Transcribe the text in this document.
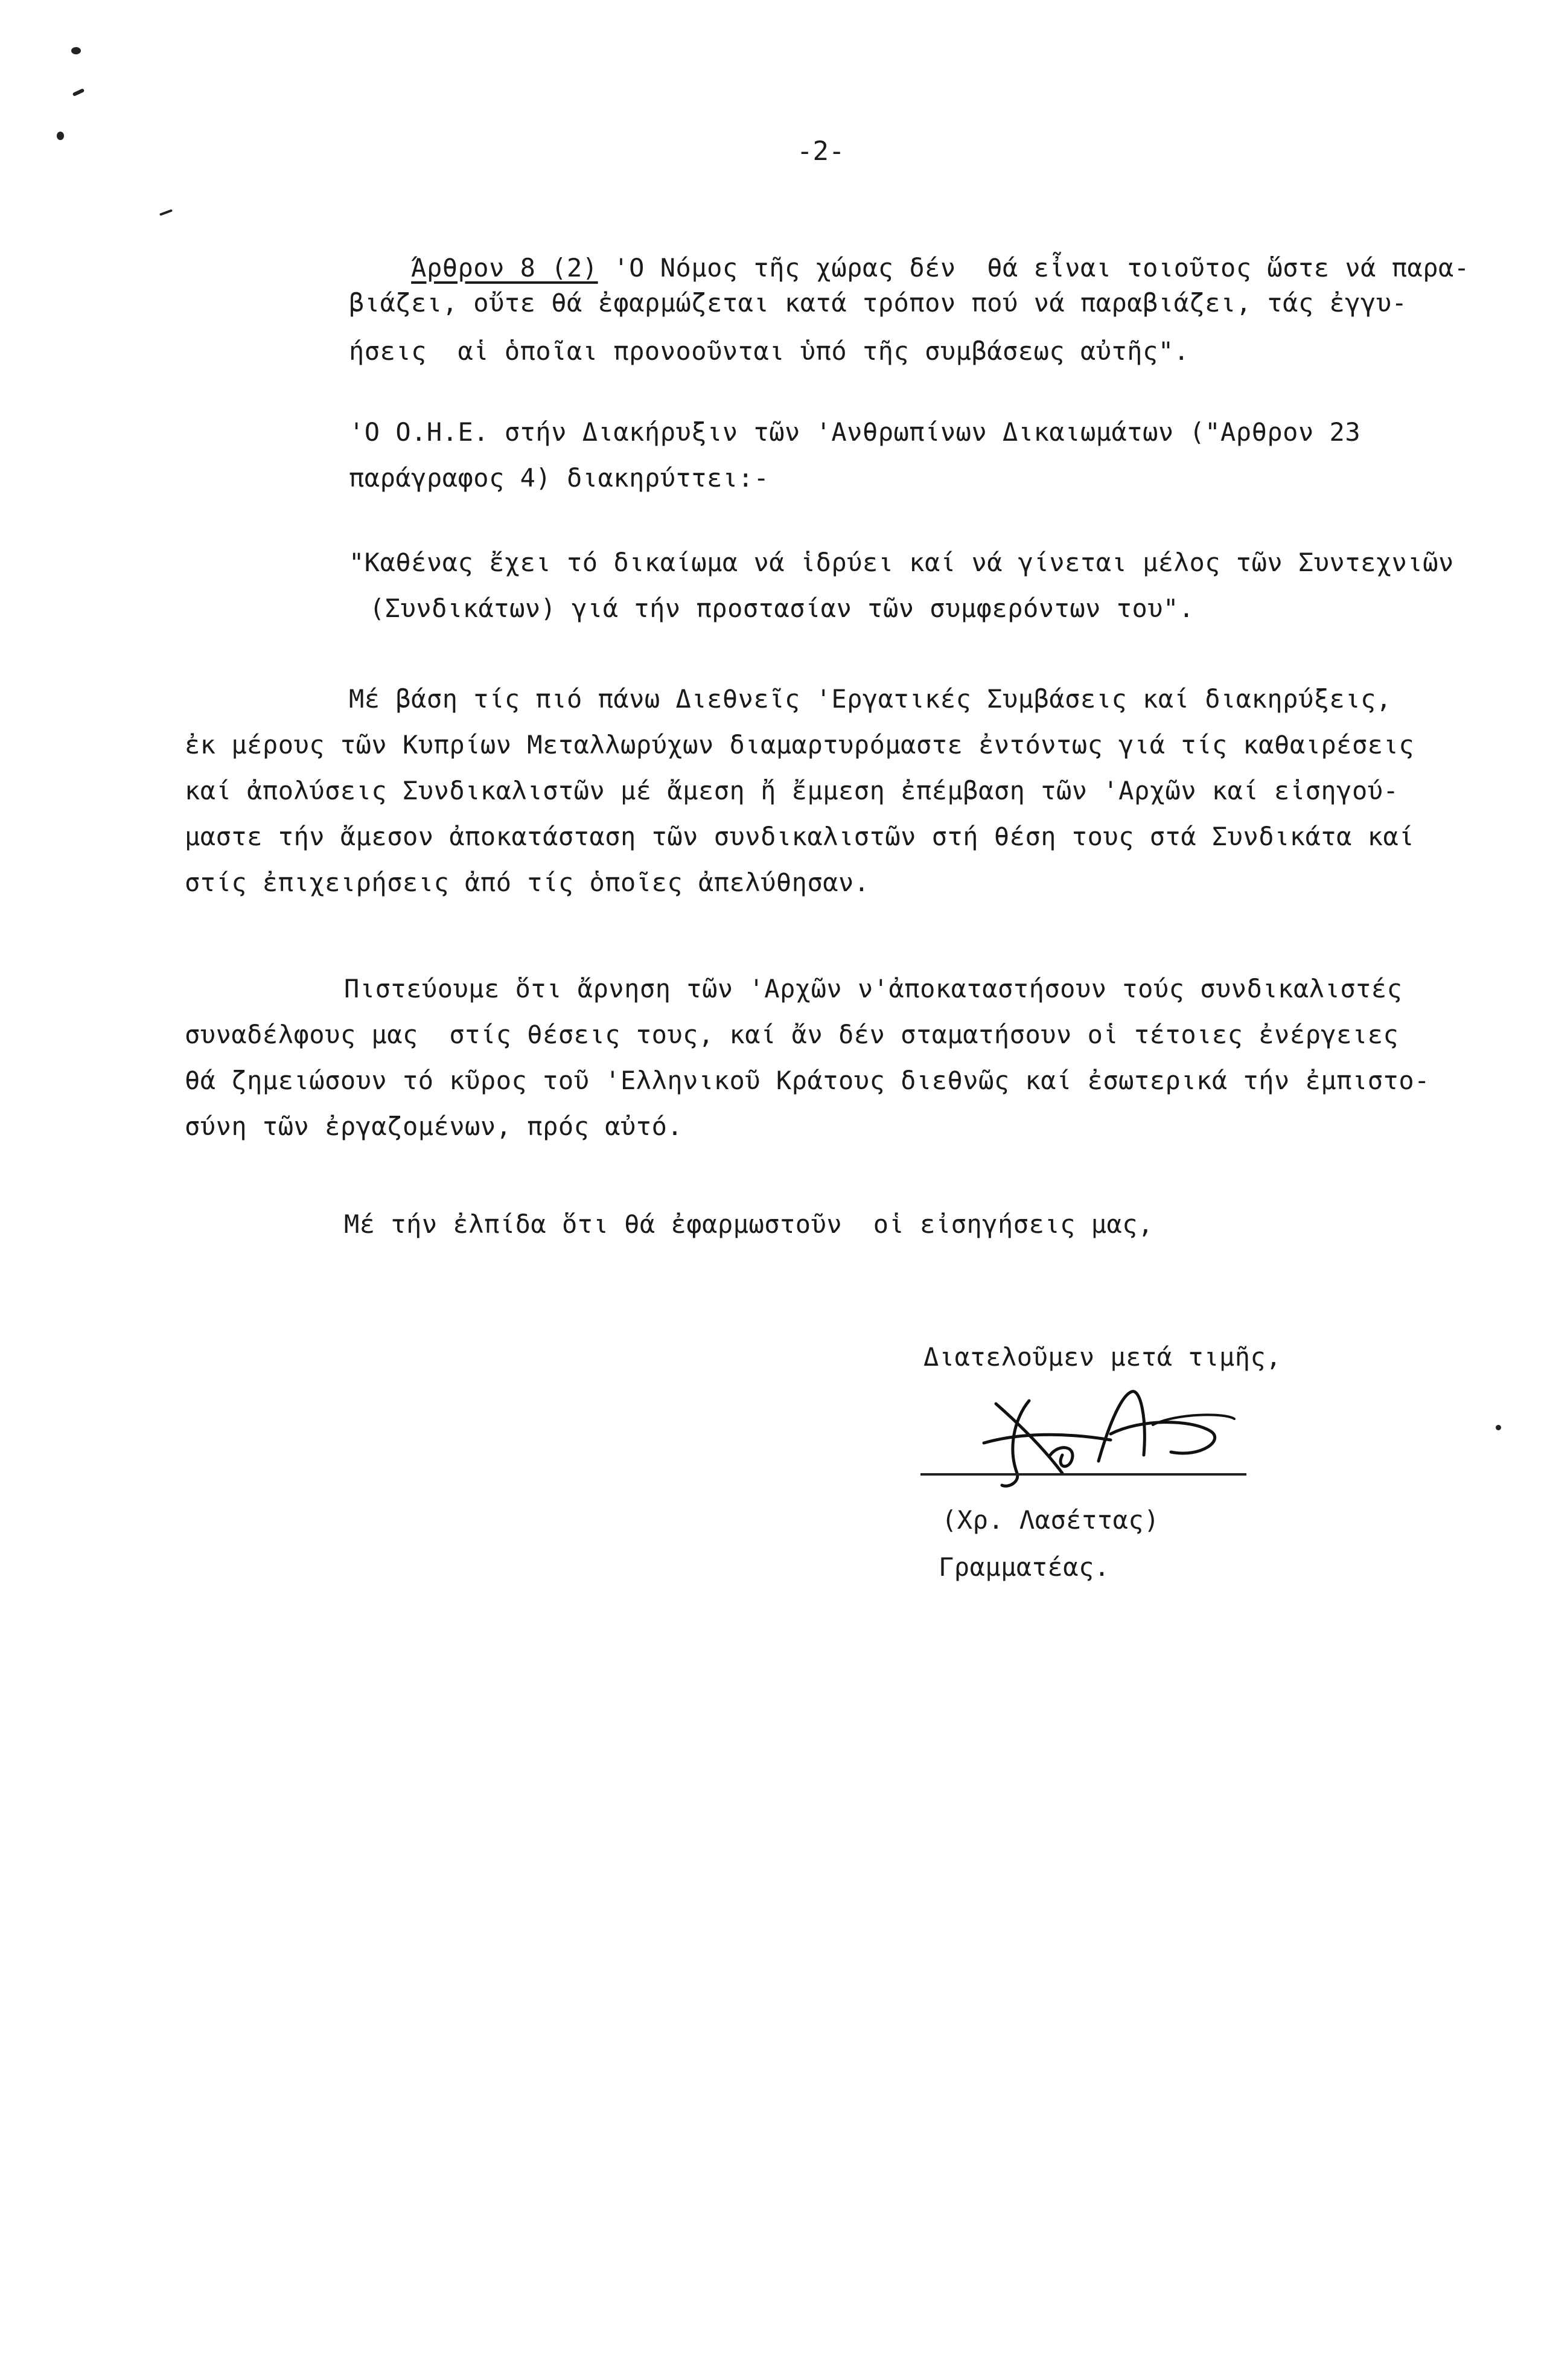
-2-

Άρθρον 8 (2) 'Ο Νόμος τῆς χώρας δέν  θά εἶναι τοιοῦτος ὥστε νά παρα-

βιάζει, οὔτε θά ἐφαρμώζεται κατά τρόπον πού νά παραβιάζει, τάς ἐγγυ-
ήσεις  αἱ ὁποῖαι προνοοῦνται ὑπό τῆς συμβάσεως αὐτῆς".
'Ο Ο.Η.Ε. στήν Διακήρυξιν τῶν 'Ανθρωπίνων Δικαιωμάτων ("Αρθρον 23
παράγραφος 4) διακηρύττει:-
"Καθένας ἔχει τό δικαίωμα νά ἱδρύει καί νά γίνεται μέλος τῶν Συντεχνιῶν
(Συνδικάτων) γιά τήν προστασίαν τῶν συμφερόντων του".
Μέ βάση τίς πιό πάνω Διεθνεῖς 'Εργατικές Συμβάσεις καί διακηρύξεις,
ἐκ μέρους τῶν Κυπρίων Μεταλλωρύχων διαμαρτυρόμαστε ἐντόντως γιά τίς καθαιρέσεις
καί ἀπολύσεις Συνδικαλιστῶν μέ ἄμεση ἤ ἔμμεση ἐπέμβαση τῶν 'Αρχῶν καί εἰσηγού-
μαστε τήν ἄμεσον ἀποκατάσταση τῶν συνδικαλιστῶν στή θέση τους στά Συνδικάτα καί
στίς ἐπιχειρήσεις ἀπό τίς ὁποῖες ἀπελύθησαν.
Πιστεύουμε ὅτι ἄρνηση τῶν 'Αρχῶν ν'ἀποκαταστήσουν τούς συνδικαλιστές
συναδέλφους μας  στίς θέσεις τους, καί ἄν δέν σταματήσουν οἱ τέτοιες ἐνέργειες
θά ζημειώσουν τό κῦρος τοῦ 'Ελληνικοῦ Κράτους διεθνῶς καί ἐσωτερικά τήν ἐμπιστο-
σύνη τῶν ἐργαζομένων, πρός αὐτό.
Μέ τήν ἐλπίδα ὅτι θά ἐφαρμωστοῦν  οἱ εἰσηγήσεις μας,
Διατελοῦμεν μετά τιμῆς,
(Χρ. Λασέττας)
Γραμματέας.
